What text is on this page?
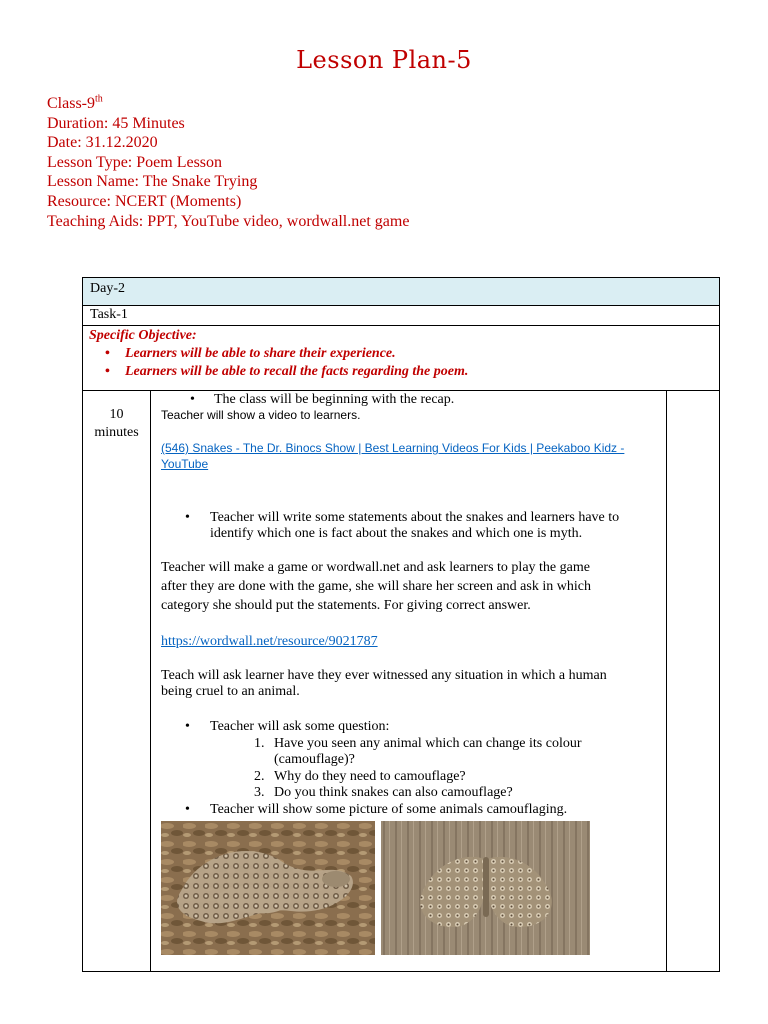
Lesson Plan-5
Class-9th
Duration: 45 Minutes
Date: 31.12.2020
Lesson Type: Poem Lesson
Lesson Name: The Snake Trying
Resource: NCERT (Moments)
Teaching Aids: PPT, YouTube video, wordwall.net game
Day-2
Task-1
Specific Objective:
• Learners will be able to share their experience.
• Learners will be able to recall the facts regarding the poem.
10
minutes
• The class will be beginning with the recap.
Teacher will show a video to learners.
(546) Snakes - The Dr. Binocs Show | Best Learning Videos For Kids | Peekaboo Kidz -
YouTube
• Teacher will write some statements about the snakes and learners have to
identify which one is fact about the snakes and which one is myth.
Teacher will make a game or wordwall.net and ask learners to play the game
after they are done with the game, she will share her screen and ask in which
category she should put the statements. For giving correct answer.
https://wordwall.net/resource/9021787
Teach will ask learner have they ever witnessed any situation in which a human
being cruel to an animal.
• Teacher will ask some question:
1. Have you seen any animal which can change its colour
(camouflage)?
2. Why do they need to camouflage?
3. Do you think snakes can also camouflage?
• Teacher will show some picture of some animals camouflaging.
